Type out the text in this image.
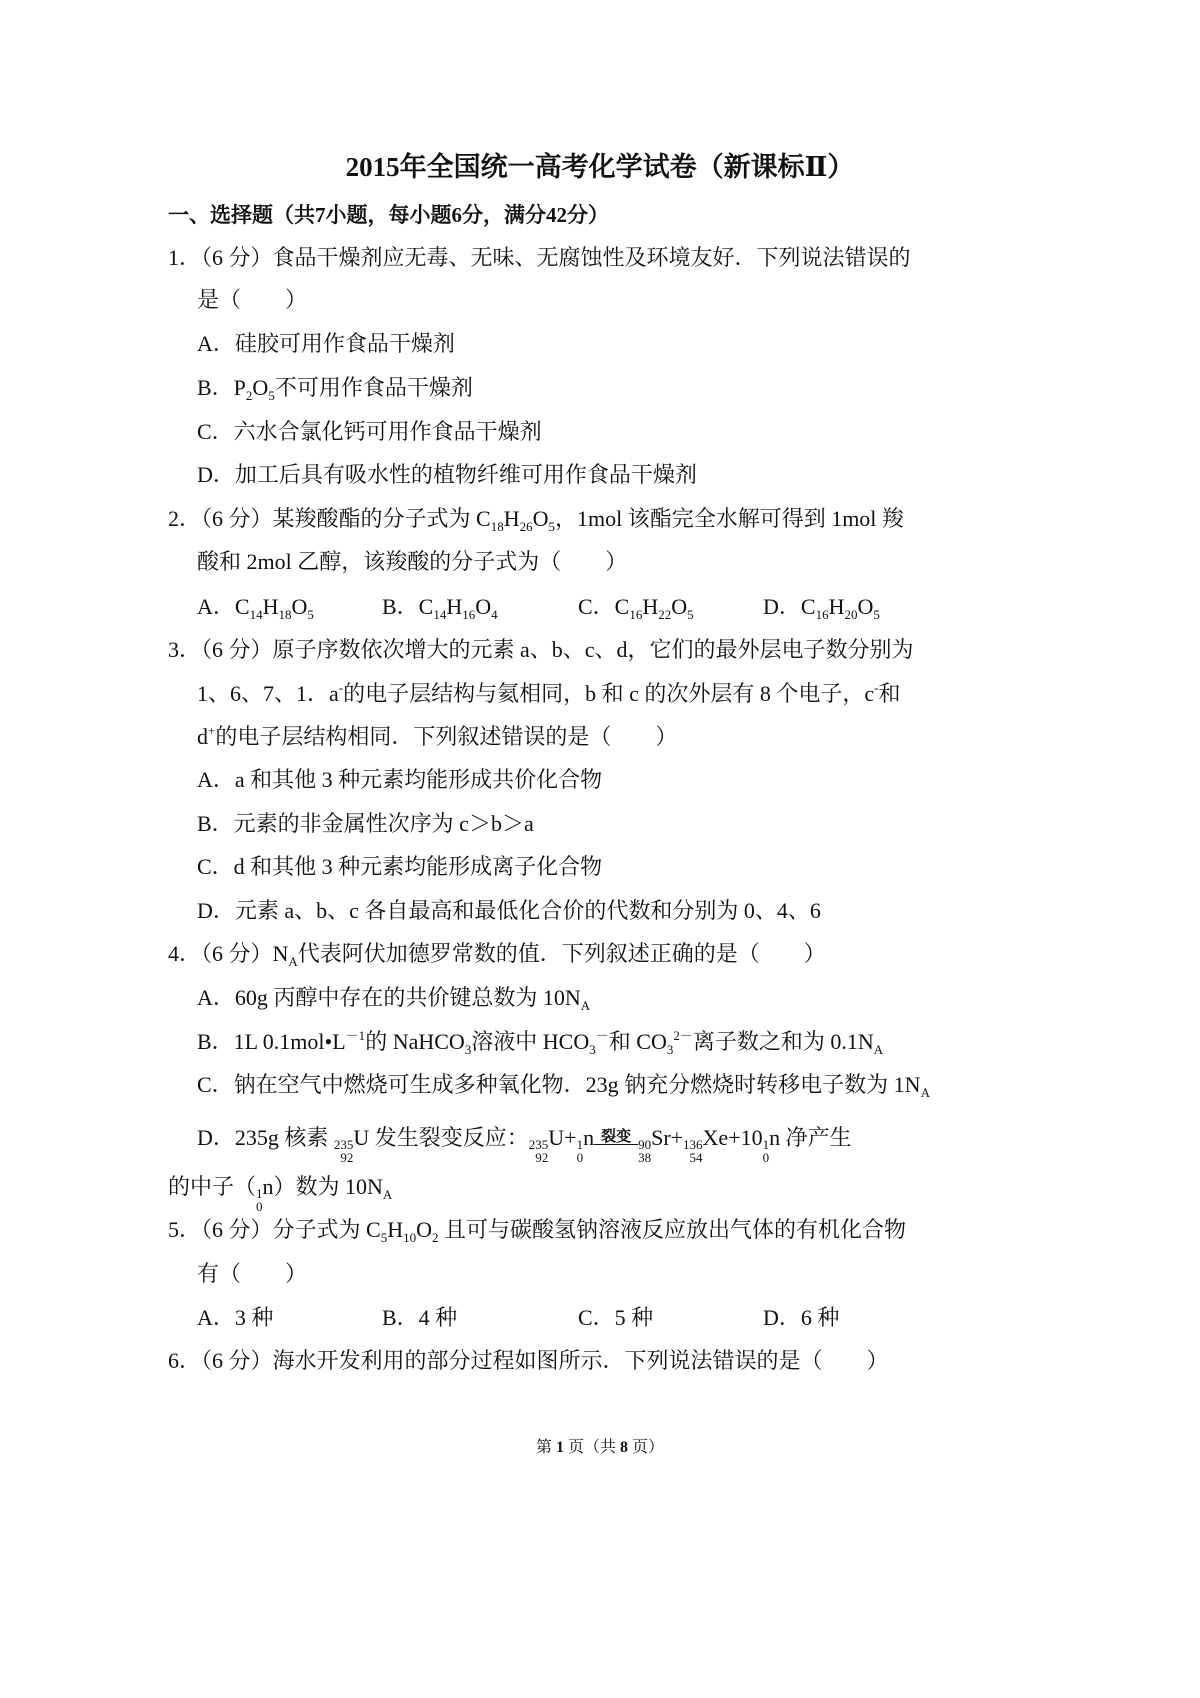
2015年全国统一高考化学试卷（新课标Ⅱ）
一、选择题（共7小题，每小题6分，满分42分）
1．（6 分）食品干燥剂应无毒、无味、无腐蚀性及环境友好．下列说法错误的
是（　　）
A．硅胶可用作食品干燥剂
B．$P_2O_5$不可用作食品干燥剂
C．六水合氯化钙可用作食品干燥剂
D．加工后具有吸水性的植物纤维可用作食品干燥剂
2．（6 分）某羧酸酯的分子式为 $C_{18}H_{26}O_5$，1mol 该酯完全水解可得到 1mol 羧
酸和 2mol 乙醇，该羧酸的分子式为（　　）
A．$C_{14}H_{18}O_5$	B．$C_{14}H_{16}O_4$	C．$C_{16}H_{22}O_5$	D．$C_{16}H_{20}O_5$
3．（6 分）原子序数依次增大的元素 a、b、c、d，它们的最外层电子数分别为
1、6、7、1．a-的电子层结构与氦相同，b 和 c 的次外层有 8 个电子，c-和
d+的电子层结构相同．下列叙述错误的是（　　）
A．a 和其他 3 种元素均能形成共价化合物
B．元素的非金属性次序为 c＞b＞a
C．d 和其他 3 种元素均能形成离子化合物
D．元素 a、b、c 各自最高和最低化合价的代数和分别为 0、4、6
4．（6 分）$N_A$代表阿伏加德罗常数的值．下列叙述正确的是（　　）
A．60g 丙醇中存在的共价键总数为 $10N_A$
B．1L $0.1mol•L^{-1}$的 NaHCO$_3$溶液中 $HCO_3^-$和 $CO_3^{2-}$离子数之和为 $0.1N_A$
C．钠在空气中燃烧可生成多种氧化物．23g 钠充分燃烧时转移电子数为 $1N_A$
D．235g 核素 235
92
U 发生裂变反应： 235
92
U+ 1
0
n 裂变 90
38
Sr+ 136
54
Xe+10 1
0
n 净产生
的中子（ 1
0
n）数为 $10N_A$
5．（6 分）分子式为 $C_5H_{10}O_2$ 且可与碳酸氢钠溶液反应放出气体的有机化合物
有（　　）
A．3 种	B．4 种	C．5 种	D．6 种
6．（6 分）海水开发利用的部分过程如图所示．下列说法错误的是（　　）
第 1 页（共 8 页）
